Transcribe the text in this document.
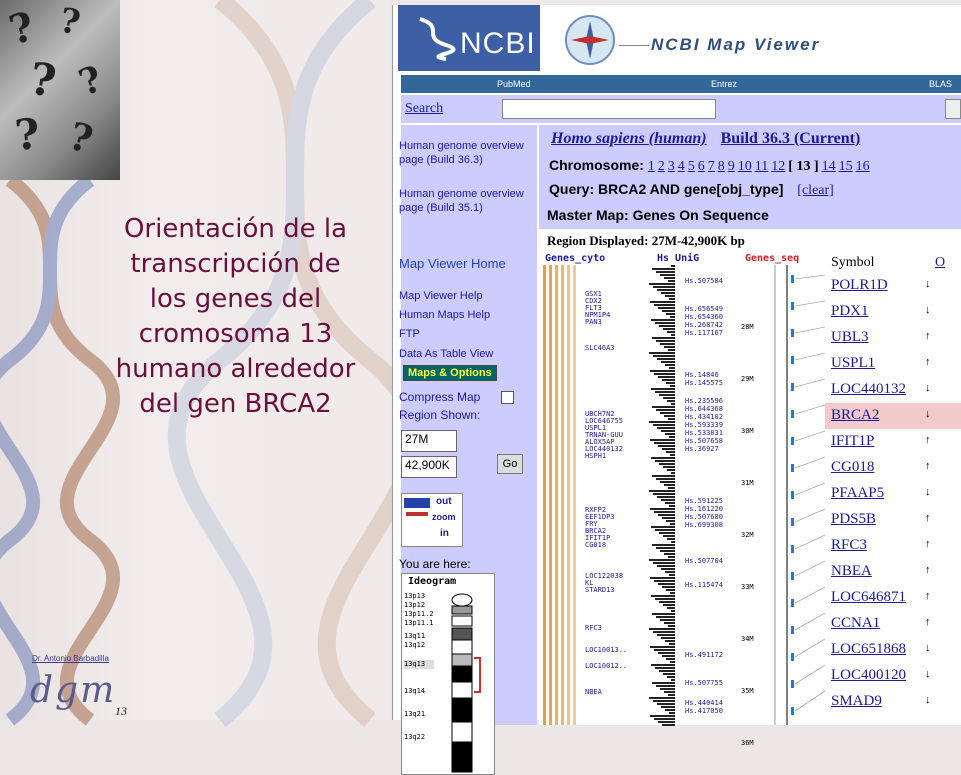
? ?
? ?
? ?
Orientación de la
transcripción de
los genes del
cromosoma 13
humano alrededor
del gen BRCA2
Dr. Antonio Barbadilla
dgm
13
NCBI	NCBI Map Viewer
PubMed	Entrez	BLAS
Search
Human genome overview page (Build 36.3)
Human genome overview page (Build 35.1)
Map Viewer Home
Map Viewer Help
Human Maps Help
FTP
Data As Table View
Maps & Options
Compress Map
Region Shown:
27M
42,900K	Go
out
zoom
in
You are here:
Ideogram
13p13
13p12
13p11.2
13p11.1
13q11
13q12
13q13
13q14
13q21
13q22
Homo sapiens (human) Build 36.3 (Current)
Chromosome: 1 2 3 4 5 6 7 8 9 10 11 12 [ 13 ] 14 15 16
Query: BRCA2 AND gene[obj_type] [clear]
Master Map: Genes On Sequence
Region Displayed: 27M-42,900K bp
Genes_cyto	Hs UniG	Genes_seq
GSX1
CDX2
FLT3
NPM1P4
PAN3
SLC46A3
UBCH7N2
LOC646755
USPL1
TRNAN-GUU
ALOX5AP
LOC440132
HSPH1
RXFP2
EEF1DP3
FRY
BRCA2
IFIT1P
CG018
LOC122038
KL
STARD13
RFC3
LOC10013..
LOC10012..
NBEA
Hs.507584
Hs.656549
Hs.654360
Hs.268742
Hs.117167
Hs.14846
Hs.145575
Hs.235596
Hs.644368
Hs.434102
Hs.593339
Hs.533831
Hs.507658
Hs.36927
Hs.591225
Hs.161220
Hs.507680
Hs.699308
Hs.507704
Hs.115474
Hs.491172
Hs.507755
Hs.440414
Hs.417050
28M
29M
30M
31M
32M
33M
34M
35M
36M
Symbol	O
POLR1D	↓
PDX1	↓
UBL3	↑
USPL1	↑
LOC440132 ↓
BRCA2	↓
IFIT1P	↑
CG018	↑
PFAAP5	↓
PDS5B	↑
RFC3	↑
NBEA	↑
LOC646871 ↑
CCNA1	↑
LOC651868 ↓
LOC400120 ↓
SMAD9	↓
